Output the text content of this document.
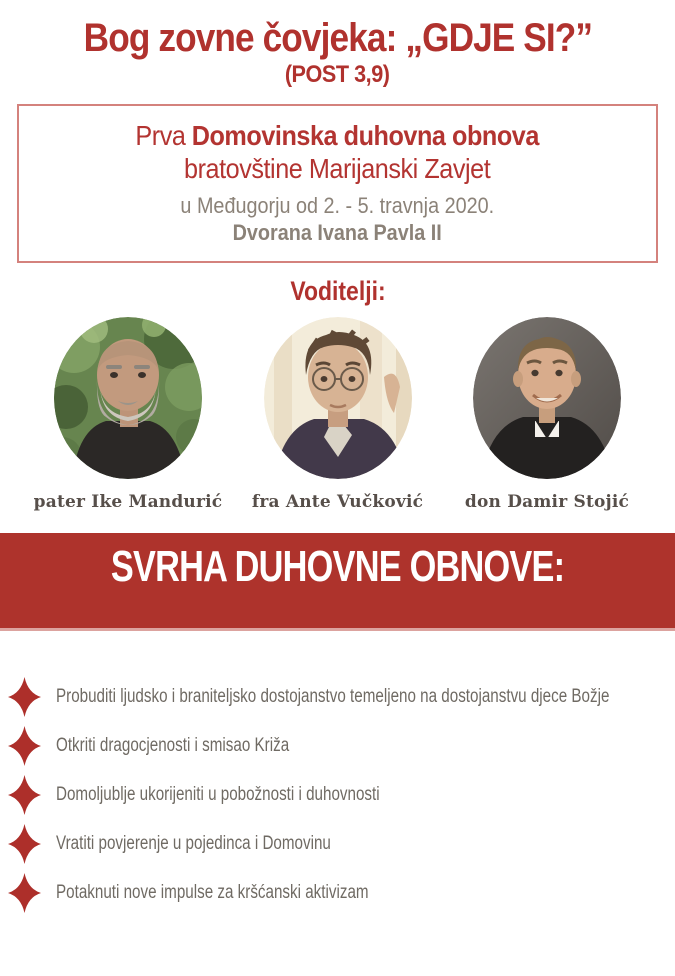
Bog zovne čovjeka: „GDJE SI?”
(POST 3,9)
Prva Domovinska duhovna obnova
bratovštine Marijanski Zavjet
u Međugorju od 2. - 5. travnja 2020.
Dvorana Ivana Pavla II
Voditelji:
pater Ike Mandurić fra Ante Vučković don Damir Stojić
SVRHA DUHOVNE OBNOVE:
Probuditi ljudsko i braniteljsko dostojanstvo temeljeno na dostojanstvu djece Božje
Otkriti dragocjenosti i smisao Križa
Domoljublje ukorijeniti u pobožnosti i duhovnosti
Vratiti povjerenje u pojedinca i Domovinu
Potaknuti nove impulse za kršćanski aktivizam
